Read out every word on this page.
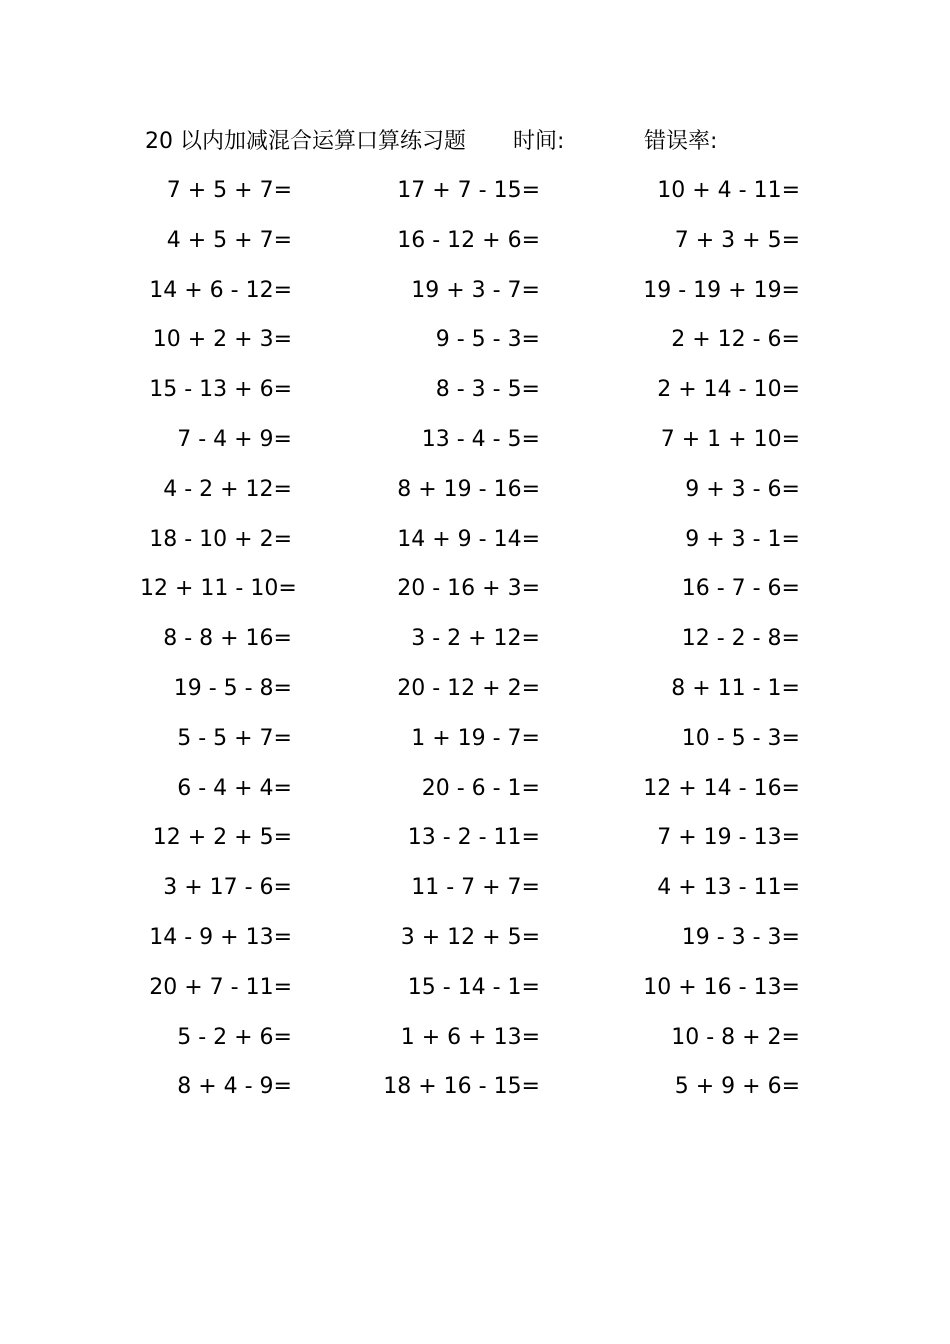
20 以内加减混合运算口算练习题 时间:	错误率:
7 + 5 + 7=	17 + 7 - 15=	10 + 4 - 11=
4 + 5 + 7=	16 - 12 + 6=	7 + 3 + 5=
14 + 6 - 12=	19 + 3 - 7=	19 - 19 + 19=
10 + 2 + 3=	9 - 5 - 3=	2 + 12 - 6=
15 - 13 + 6=	8 - 3 - 5=	2 + 14 - 10=
7 - 4 + 9=	13 - 4 - 5=	7 + 1 + 10=
4 - 2 + 12=	8 + 19 - 16=	9 + 3 - 6=
18 - 10 + 2=	14 + 9 - 14=	9 + 3 - 1=
12 + 11 - 10=	20 - 16 + 3=	16 - 7 - 6=
8 - 8 + 16=	3 - 2 + 12=	12 - 2 - 8=
19 - 5 - 8=	20 - 12 + 2=	8 + 11 - 1=
5 - 5 + 7=	1 + 19 - 7=	10 - 5 - 3=
6 - 4 + 4=	20 - 6 - 1=	12 + 14 - 16=
12 + 2 + 5=	13 - 2 - 11=	7 + 19 - 13=
3 + 17 - 6=	11 - 7 + 7=	4 + 13 - 11=
14 - 9 + 13=	3 + 12 + 5=	19 - 3 - 3=
20 + 7 - 11=	15 - 14 - 1=	10 + 16 - 13=
5 - 2 + 6=	1 + 6 + 13=	10 - 8 + 2=
8 + 4 - 9=	18 + 16 - 15=	5 + 9 + 6=
